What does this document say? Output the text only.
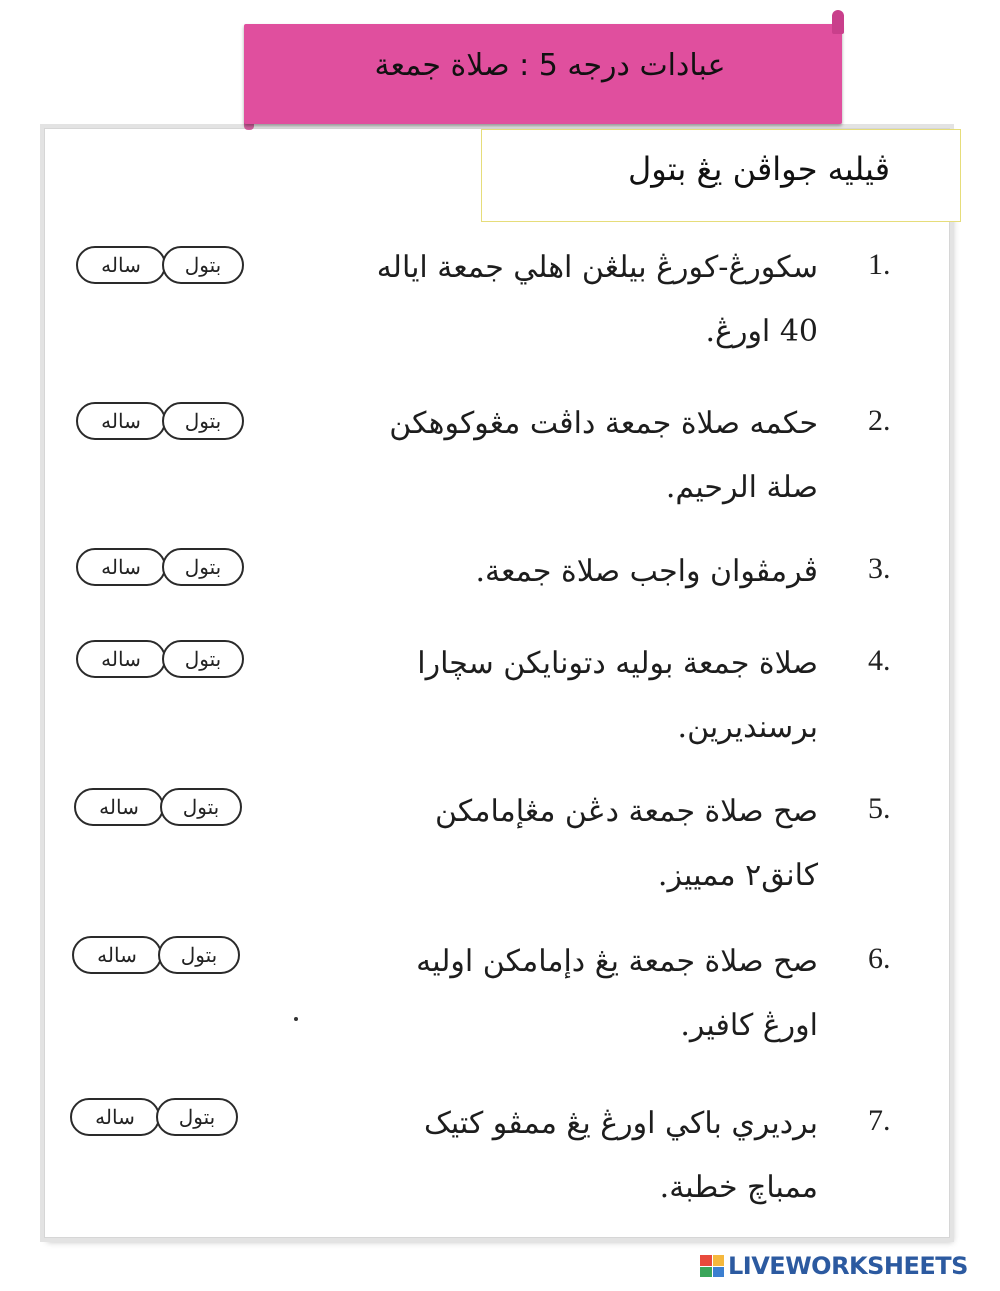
عبادات درجه 5 : صلاة جمعة
ڤيليه جواڤن يڠ بتول
1.
سكورڠ-كورڠ بيلڠن اهلي جمعة اياله
40 اورڠ.
ساله	بتول
2.
حكمه صلاة جمعة داڤت مڠوكوهكن
صلة الرحيم.
ساله	بتول
3.
ڤرمڤوان واجب صلاة جمعة.
ساله	بتول
4.
صلاة جمعة بوليه دتونايكن سچارا
برسنديرين.
ساله	بتول
5.
صح صلاة جمعة دڠن مڠإمامكن
كانق٢ ممييز.
ساله	بتول
6.
صح صلاة جمعة يڠ دإمامكن اوليه
اورڠ كافير.
ساله	بتول
7.
برديري باكي اورڠ يڠ ممڤو كتيک
ممباچ خطبة.
ساله	بتول
LIVEWORKSHEETS
